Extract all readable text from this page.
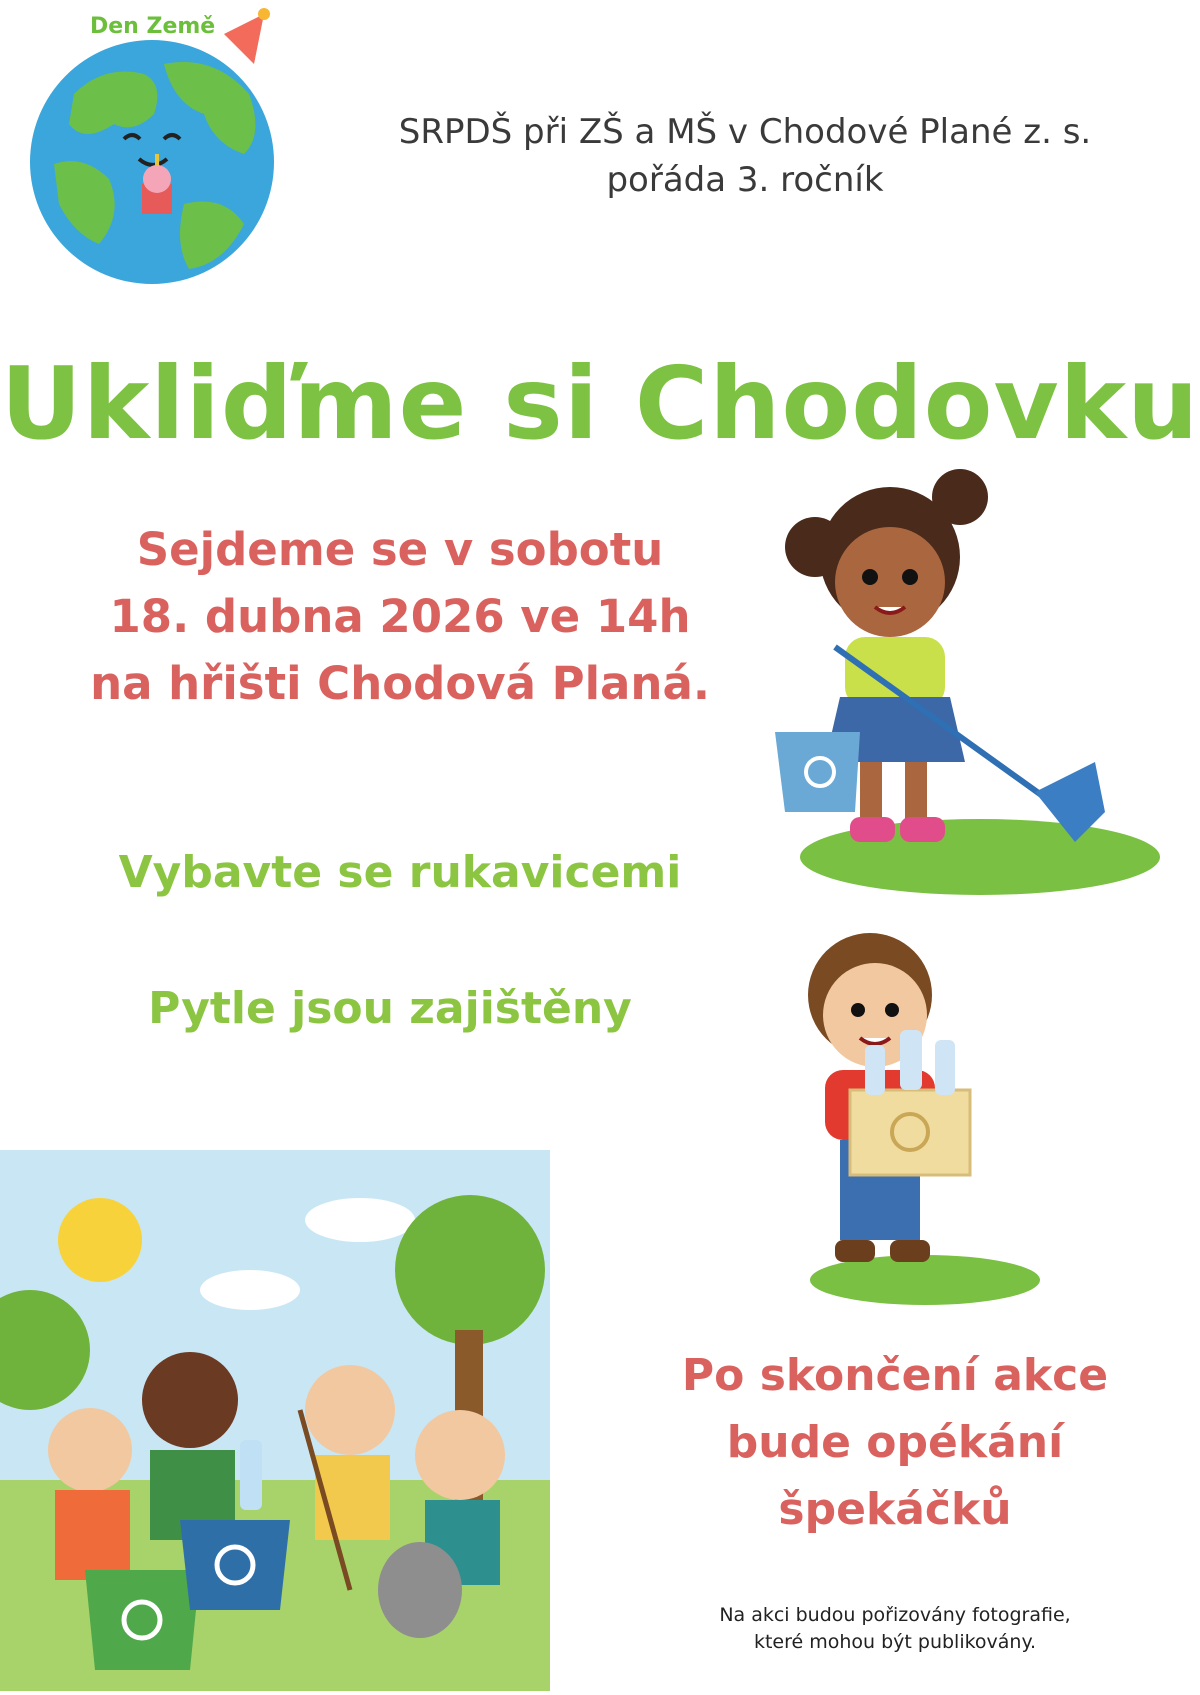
Den Země
SRPDŠ při ZŠ a MŠ v Chodové Plané z. s.
pořáda 3. ročník
Ukliďme si Chodovku
Sejdeme se v sobotu
18. dubna 2026 ve 14h
na hřišti Chodová Planá.
Vybavte se rukavicemi
Pytle jsou zajištěny
Po skončení akce
bude opékání
špekáčků
Na akci budou pořizovány fotografie,
které mohou být publikovány.
